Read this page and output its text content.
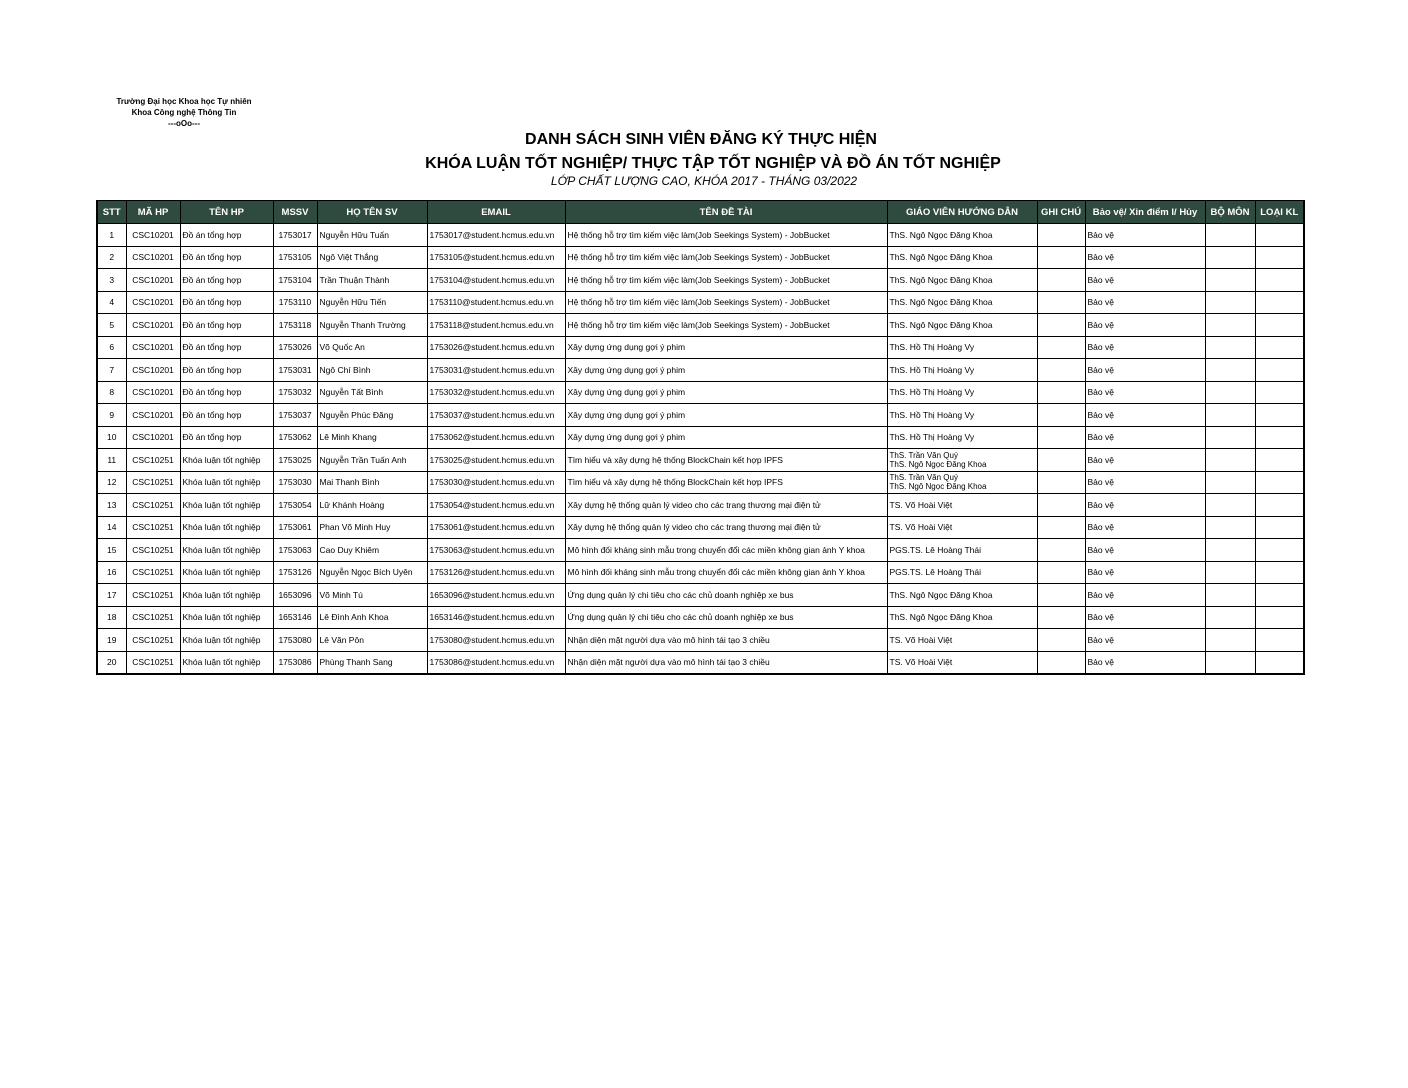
Trường Đại học Khoa học Tự nhiên
Khoa Công nghệ Thông Tin
---oOo---
DANH SÁCH SINH VIÊN ĐĂNG KÝ THỰC HIỆN
KHÓA LUẬN TỐT NGHIỆP/ THỰC TẬP TỐT NGHIỆP VÀ ĐỒ ÁN TỐT NGHIỆP
LỚP CHẤT LƯỢNG CAO, KHÓA 2017 - THÁNG 03/2022
STT	MÃ HP	TÊN HP	MSSV	HỌ TÊN SV	EMAIL	TÊN ĐỀ TÀI	GIÁO VIÊN HƯỚNG DẪN	GHI CHÚ	Bảo vệ/ Xin điểm I/ Hủy	BỘ MÔN	LOẠI KL
1	CSC10201	Đồ án tổng hợp	1753017	Nguyễn Hữu Tuấn	1753017@student.hcmus.edu.vn	Hệ thống hỗ trợ tìm kiếm việc làm(Job Seekings System) - JobBucket	ThS. Ngô Ngọc Đăng Khoa		Bảo vệ		
2	CSC10201	Đồ án tổng hợp	1753105	Ngô Việt Thắng	1753105@student.hcmus.edu.vn	Hệ thống hỗ trợ tìm kiếm việc làm(Job Seekings System) - JobBucket	ThS. Ngô Ngọc Đăng Khoa		Bảo vệ		
3	CSC10201	Đồ án tổng hợp	1753104	Trần Thuận Thành	1753104@student.hcmus.edu.vn	Hệ thống hỗ trợ tìm kiếm việc làm(Job Seekings System) - JobBucket	ThS. Ngô Ngọc Đăng Khoa		Bảo vệ		
4	CSC10201	Đồ án tổng hợp	1753110	Nguyễn Hữu Tiến	1753110@student.hcmus.edu.vn	Hệ thống hỗ trợ tìm kiếm việc làm(Job Seekings System) - JobBucket	ThS. Ngô Ngọc Đăng Khoa		Bảo vệ		
5	CSC10201	Đồ án tổng hợp	1753118	Nguyễn Thanh Trường	1753118@student.hcmus.edu.vn	Hệ thống hỗ trợ tìm kiếm việc làm(Job Seekings System) - JobBucket	ThS. Ngô Ngọc Đăng Khoa		Bảo vệ		
6	CSC10201	Đồ án tổng hợp	1753026	Võ Quốc An	1753026@student.hcmus.edu.vn	Xây dựng ứng dụng gợi ý phim	ThS. Hồ Thị Hoàng Vy		Bảo vệ		
7	CSC10201	Đồ án tổng hợp	1753031	Ngô Chí Bình	1753031@student.hcmus.edu.vn	Xây dựng ứng dụng gợi ý phim	ThS. Hồ Thị Hoàng Vy		Bảo vệ		
8	CSC10201	Đồ án tổng hợp	1753032	Nguyễn Tất Bình	1753032@student.hcmus.edu.vn	Xây dựng ứng dụng gợi ý phim	ThS. Hồ Thị Hoàng Vy		Bảo vệ		
9	CSC10201	Đồ án tổng hợp	1753037	Nguyễn Phúc Đăng	1753037@student.hcmus.edu.vn	Xây dựng ứng dụng gợi ý phim	ThS. Hồ Thị Hoàng Vy		Bảo vệ		
10	CSC10201	Đồ án tổng hợp	1753062	Lê Minh Khang	1753062@student.hcmus.edu.vn	Xây dựng ứng dụng gợi ý phim	ThS. Hồ Thị Hoàng Vy		Bảo vệ		
11	CSC10251	Khóa luận tốt nghiệp	1753025	Nguyễn Trần Tuấn Anh	1753025@student.hcmus.edu.vn	Tìm hiểu và xây dựng hệ thống BlockChain kết hợp IPFS	ThS. Trần Văn Quý
ThS. Ngô Ngọc Đăng Khoa		Bảo vệ		
12	CSC10251	Khóa luận tốt nghiệp	1753030	Mai Thanh Bình	1753030@student.hcmus.edu.vn	Tìm hiểu và xây dựng hệ thống BlockChain kết hợp IPFS	ThS. Trần Văn Quý
ThS. Ngô Ngọc Đăng Khoa		Bảo vệ		
13	CSC10251	Khóa luận tốt nghiệp	1753054	Lữ Khánh Hoàng	1753054@student.hcmus.edu.vn	Xây dựng hệ thống quản lý video cho các trang thương mại điện tử	TS. Võ Hoài Việt		Bảo vệ		
14	CSC10251	Khóa luận tốt nghiệp	1753061	Phan Võ Minh Huy	1753061@student.hcmus.edu.vn	Xây dựng hệ thống quản lý video cho các trang thương mại điện tử	TS. Võ Hoài Việt		Bảo vệ		
15	CSC10251	Khóa luận tốt nghiệp	1753063	Cao Duy Khiêm	1753063@student.hcmus.edu.vn	Mô hình đối kháng sinh mẫu trong chuyển đổi các miền không gian ảnh Y khoa	PGS.TS. Lê Hoàng Thái		Bảo vệ		
16	CSC10251	Khóa luận tốt nghiệp	1753126	Nguyễn Ngọc Bích Uyên	1753126@student.hcmus.edu.vn	Mô hình đối kháng sinh mẫu trong chuyển đổi các miền không gian ảnh Y khoa	PGS.TS. Lê Hoàng Thái		Bảo vệ		
17	CSC10251	Khóa luận tốt nghiệp	1653096	Võ Minh Tú	1653096@student.hcmus.edu.vn	Ứng dụng quản lý chi tiêu cho các chủ doanh nghiệp xe bus	ThS. Ngô Ngọc Đăng Khoa		Bảo vệ		
18	CSC10251	Khóa luận tốt nghiệp	1653146	Lê Đình Anh Khoa	1653146@student.hcmus.edu.vn	Ứng dụng quản lý chi tiêu cho các chủ doanh nghiệp xe bus	ThS. Ngô Ngọc Đăng Khoa		Bảo vệ		
19	CSC10251	Khóa luận tốt nghiệp	1753080	Lê Văn Pôn	1753080@student.hcmus.edu.vn	Nhận diện mặt người dựa vào mô hình tái tạo 3 chiều	TS. Võ Hoài Việt		Bảo vệ		
20	CSC10251	Khóa luận tốt nghiệp	1753086	Phùng Thanh Sang	1753086@student.hcmus.edu.vn	Nhận diện mặt người dựa vào mô hình tái tạo 3 chiều	TS. Võ Hoài Việt		Bảo vệ		
